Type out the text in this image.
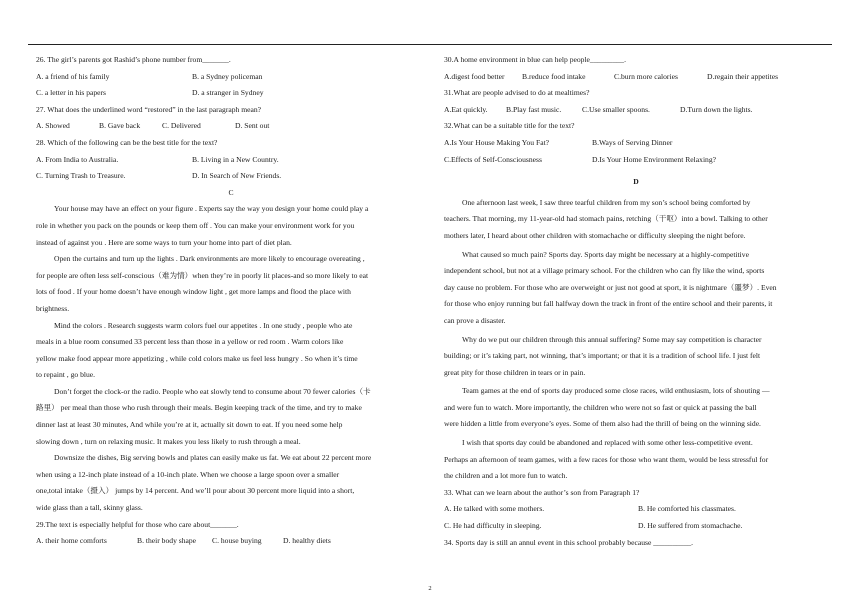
26. The girl’s parents got Rashid’s phone number from_______.
A. a friend of his family	B. a Sydney policeman
C. a letter in his papers	D. a stranger in Sydney
27. What does the underlined word “restored” in the last paragraph mean?
A. Showed	B. Gave back	C. Delivered	D. Sent out
28. Which of the following can be the best title for the text?
A. From India to Australia.	B. Living in a New Country.
C. Turning Trash to Treasure.	D. In Search of New Friends.
C
Your house may have an effect on your figure . Experts say the way you design your home could play a
role in whether you pack on the pounds or keep them off . You can make your environment work for you
instead of against you . Here are some ways to turn your home into part of diet plan.
Open the curtains and turn up the lights . Dark environments are more likely to encourage overeating ,
for people are often less self-conscious（难为情）when they’re in poorly lit places-and so more likely to eat
lots of food . If your home doesn’t have enough window light , get more lamps and flood the place with
brightness.
Mind the colors . Research suggests warm colors fuel our appetites . In one study , people who ate
meals in a blue room consumed 33 percent less than those in a yellow or red room . Warm colors like
yellow make food appear more appetizing , while cold colors make us feel less hungry . So when it’s time
to repaint , go blue.
Don’t forget the clock-or the radio. People who eat slowly tend to consume about 70 fewer calories（卡
路里） per meal than those who rush through their meals. Begin keeping track of the time, and try to make
dinner last at least 30 minutes, And while you’re at it, actually sit down to eat. If you need some help
slowing down , turn on relaxing music. It makes you less likely to rush through a meal.
Downsize the dishes, Big serving bowls and plates can easily make us fat. We eat about 22 percent more
when using a 12-inch plate instead of a 10-inch plate. When we choose a large spoon over a smaller
one,total intake（摄入） jumps by 14 percent. And we’ll pour about 30 percent more liquid into a short,
wide glass than a tall, skinny glass.
29.The text is especially helpful for those who care about_______.
A. their home comforts	B. their body shape	C. house buying	D. healthy diets
30.A home environment in blue can help people_________.
A.digest food better	B.reduce food intake	C.burn more calories	D.regain their appetites
31.What are people advised to do at mealtimes?
A.Eat quickly.	B.Play fast music.	C.Use smaller spoons.	D.Turn down the lights.
32.What can be a suitable title for the text?
A.Is Your House Making You Fat?	B.Ways of Serving Dinner
C.Effects of Self-Consciousness	D.Is Your Home Environment Relaxing?
D
One afternoon last week, I saw three tearful children from my son’s school being comforted by
teachers. That morning, my 11-year-old had stomach pains, retching（干呕）into a bowl. Talking to other
mothers later, I heard about other children with stomachache or difficulty sleeping the night before.
What caused so much pain? Sports day. Sports day might be necessary at a highly-competitive
independent school, but not at a village primary school. For the children who can fly like the wind, sports
day cause no problem. For those who are overweight or just not good at sport, it is nightmare（噩梦）. Even
for those who enjoy running but fall halfway down the track in front of the entire school and their parents, it
can prove a disaster.
Why do we put our children through this annual suffering? Some may say competition is character
building; or it’s taking part, not winning, that’s important; or that it is a tradition of school life. I just felt
great pity for those children in tears or in pain.
Team games at the end of sports day produced some close races, wild enthusiasm, lots of shouting —
and were fun to watch. More importantly, the children who were not so fast or quick at passing the ball
were hidden a little from everyone’s eyes. Some of them also had the thrill of being on the winning side.
I wish that sports day could be abandoned and replaced with some other less-competitive event.
Perhaps an afternoon of team games, with a few races for those who want them, would be less stressful for
the children and a lot more fun to watch.
33. What can we learn about the author’s son from Paragraph 1?
A. He talked with some mothers.	B. He comforted his classmates.
C. He had difficulty in sleeping.	D. He suffered from stomachache.
34. Sports day is still an annul event in this school probably because __________.
2
